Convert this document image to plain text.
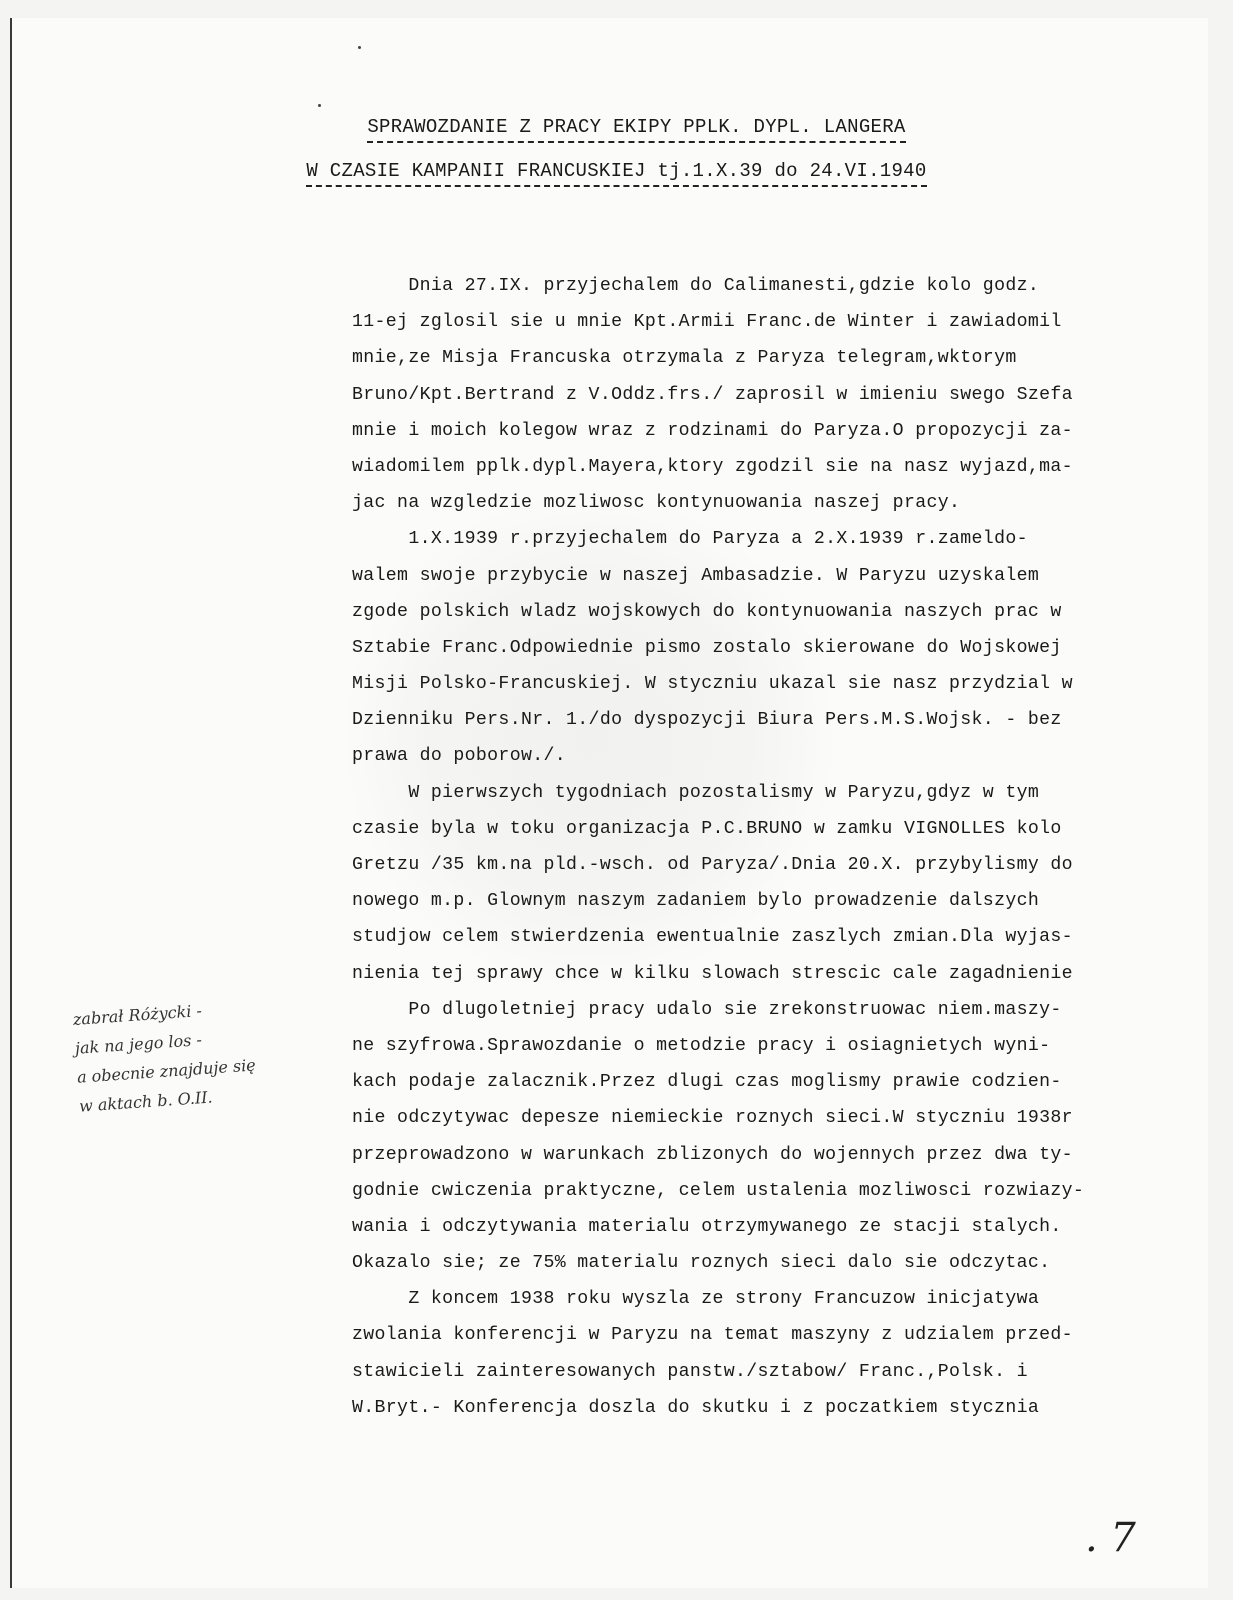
SPRAWOZDANIE Z PRACY EKIPY PPLK. DYPL. LANGERA
W CZASIE KAMPANII FRANCUSKIEJ tj.1.X.39 do 24.VI.1940
Dnia 27.IX. przyjechalem do Calimanesti,gdzie kolo godz.
11-ej zglosil sie u mnie Kpt.Armii Franc.de Winter i zawiadomil
mnie,ze Misja Francuska otrzymala z Paryza telegram,wktorym
Bruno/Kpt.Bertrand z V.Oddz.frs./ zaprosil w imieniu swego Szefa
mnie i moich kolegow wraz z rodzinami do Paryza.O propozycji za-
wiadomilem pplk.dypl.Mayera,ktory zgodzil sie na nasz wyjazd,ma-
jac na wzgledzie mozliwosc kontynuowania naszej pracy.
1.X.1939 r.przyjechalem do Paryza a 2.X.1939 r.zameldo-
walem swoje przybycie w naszej Ambasadzie. W Paryzu uzyskalem
zgode polskich wladz wojskowych do kontynuowania naszych prac w
Sztabie Franc.Odpowiednie pismo zostalo skierowane do Wojskowej
Misji Polsko-Francuskiej. W styczniu ukazal sie nasz przydzial w
Dzienniku Pers.Nr. 1./do dyspozycji Biura Pers.M.S.Wojsk. - bez
prawa do poborow./.
W pierwszych tygodniach pozostalismy w Paryzu,gdyz w tym
czasie byla w toku organizacja P.C.BRUNO w zamku VIGNOLLES kolo
Gretzu /35 km.na pld.-wsch. od Paryza/.Dnia 20.X. przybylismy do
nowego m.p. Glownym naszym zadaniem bylo prowadzenie dalszych
studjow celem stwierdzenia ewentualnie zaszlych zmian.Dla wyjas-
nienia tej sprawy chce w kilku slowach strescic cale zagadnienie
Po dlugoletniej pracy udalo sie zrekonstruowac niem.maszy-
ne szyfrowa.Sprawozdanie o metodzie pracy i osiagnietych wyni-
kach podaje zalacznik.Przez dlugi czas moglismy prawie codzien-
nie odczytywac depesze niemieckie roznych sieci.W styczniu 1938r
przeprowadzono w warunkach zblizonych do wojennych przez dwa ty-
godnie cwiczenia praktyczne, celem ustalenia mozliwosci rozwiazy-
wania i odczytywania materialu otrzymywanego ze stacji stalych.
Okazalo sie; ze 75% materialu roznych sieci dalo sie odczytac.
Z koncem 1938 roku wyszla ze strony Francuzow inicjatywa
zwolania konferencji w Paryzu na temat maszyny z udzialem przed-
stawicieli zainteresowanych panstw./sztabow/ Franc.,Polsk. i
W.Bryt.- Konferencja doszla do skutku i z poczatkiem stycznia
zabrał Różycki -
jak na jego los -
a obecnie znajduje się
w aktach b. O.II.
. 7
